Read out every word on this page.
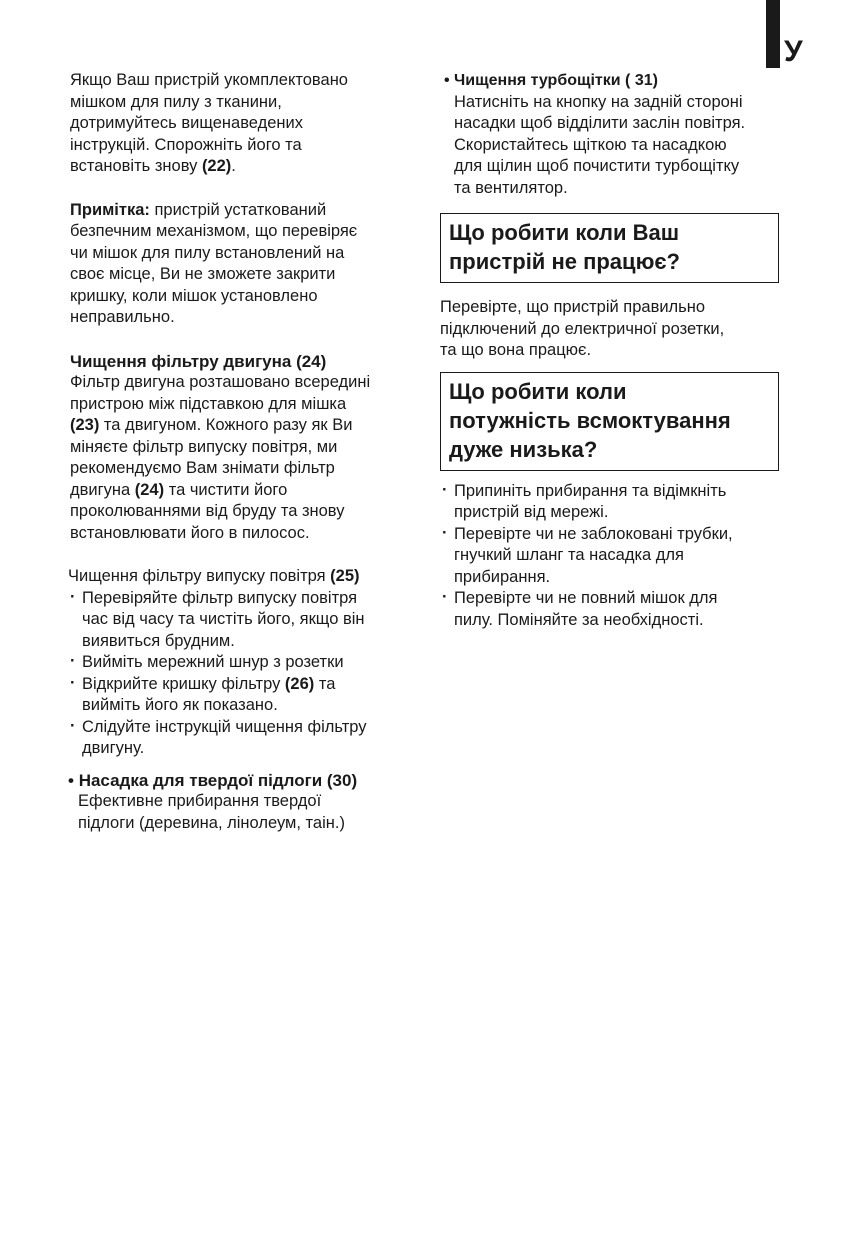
У
Якщо Ваш пристрій укомплектовано
мішком для пилу з тканини,
дотримуйтесь вищенаведених
інструкцій. Спорожніть його та
встановіть знову (22).
Примітка: пристрій устаткований
безпечним механізмом, що перевіряє
чи мішок для пилу встановлений на
своє місце, Ви не зможете закрити
кришку, коли мішок установлено
неправильно.
Чищення фільтру двигуна (24)
Фільтр двигуна розташовано всередині
пристрою між підставкою для мішка
(23) та двигуном. Кожного разу як Ви
міняєте фільтр випуску повітря, ми
рекомендуємо Вам знімати фільтр
двигуна (24) та чистити його
проколюваннями від бруду та знову
встановлювати його в пилосос.
Чищення фільтру випуску повітря (25)
· Перевіряйте фільтр випуску повітря
час від часу та чистіть його, якщо він
виявиться брудним.
· Вийміть мережний шнур з розетки
· Відкрийте кришку фільтру (26) та
вийміть його як показано.
· Слідуйте інструкцій чищення фільтру
двигуну.
• Насадка для твердої підлоги (30)
Ефективне прибирання твердої
підлоги (деревина, лінолеум, таін.)
• Чищення турбощітки ( 31)
Натисніть на кнопку на задній стороні
насадки щоб відділити заслін повітря.
Скористайтесь щіткою та насадкою
для щілин щоб почистити турбощітку
та вентилятор.
Що робити коли Ваш
пристрій не працює?
Перевірте, що пристрій правильно
підключений до електричної розетки,
та що вона працює.
Що робити коли
потужність всмоктування
дуже низька?
· Припиніть прибирання та відімкніть
пристрій від мережі.
· Перевірте чи не заблоковані трубки,
гнучкий шланг та насадка для
прибирання.
· Перевірте чи не повний мішок для
пилу. Поміняйте за необхідності.
